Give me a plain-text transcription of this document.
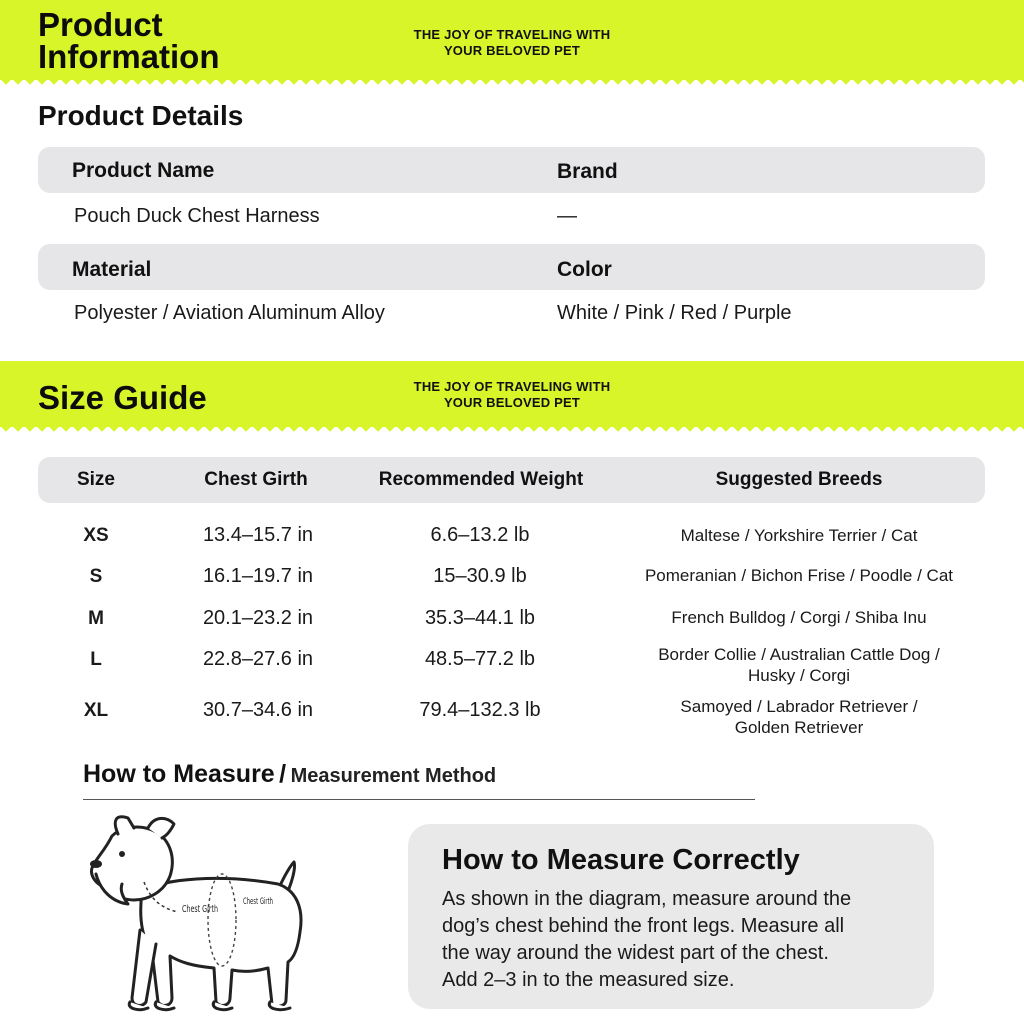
Product
Information
THE JOY OF TRAVELING WITH
YOUR BELOVED PET
Product Details
Product Name	Brand
Pouch Duck Chest Harness	—
Material	Color
Polyester / Aviation Aluminum Alloy	White / Pink / Red / Purple
Size Guide	THE JOY OF TRAVELING WITH
YOUR BELOVED PET
Size	Chest Girth	Recommended Weight	Suggested Breeds
XS	13.4–15.7 in	6.6–13.2 lb	Maltese / Yorkshire Terrier / Cat
S	16.1–19.7 in	15–30.9 lb	Pomeranian / Bichon Frise / Poodle / Cat
M	20.1–23.2 in	35.3–44.1 lb	French Bulldog / Corgi / Shiba Inu
L	22.8–27.6 in	48.5–77.2 lb	Border Collie / Australian Cattle Dog /
Husky / Corgi
XL	30.7–34.6 in	79.4–132.3 lb	Samoyed / Labrador Retriever /
Golden Retriever
How to Measure / Measurement Method
Chest Girth
Chest Girth
How to Measure Correctly
As shown in the diagram, measure around the
dog’s chest behind the front legs. Measure all
the way around the widest part of the chest.
Add 2–3 in to the measured size.
